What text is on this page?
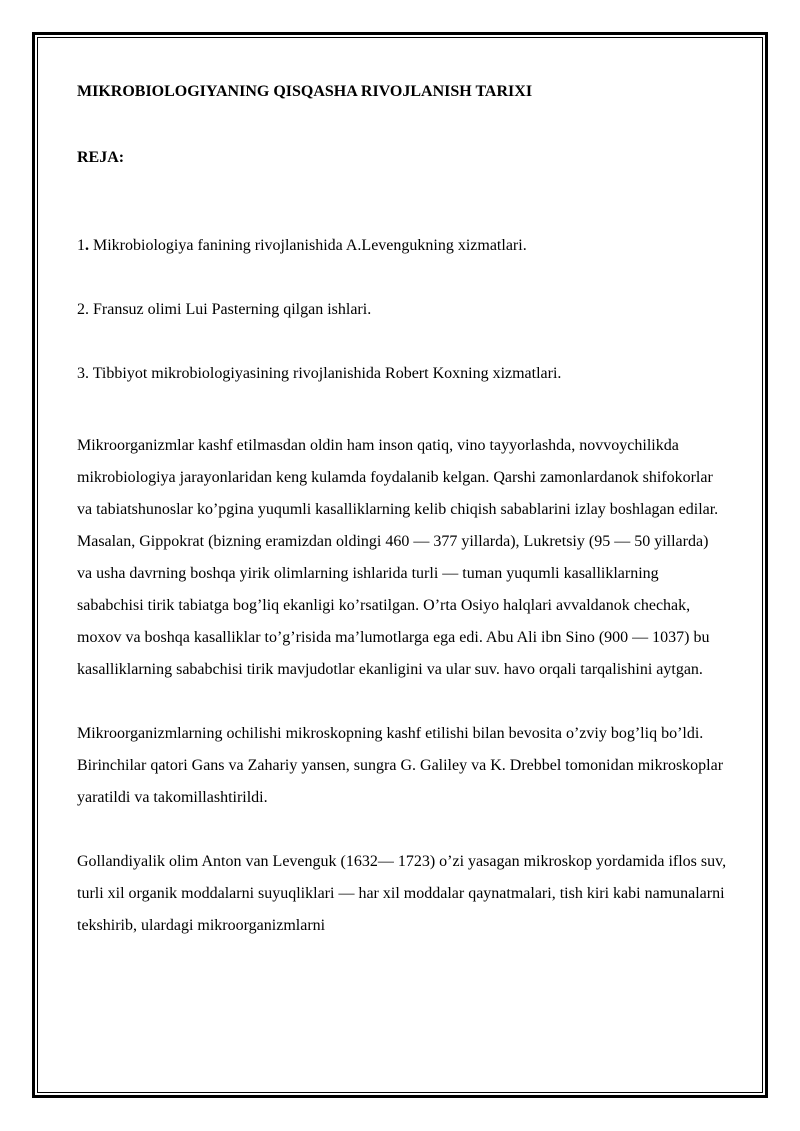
MIKROBIOLOGIYANING QISQASHA RIVOJLANISH TARIXI

REJA:

1. Mikrobiologiya fanining rivojlanishida A.Levengukning xizmatlari.
2. Fransuz olimi Lui Pasterning qilgan ishlari.
3. Tibbiyot mikrobiologiyasining rivojlanishida Robert Koxning xizmatlari.

Mikroorganizmlar kashf etilmasdan oldin ham inson qatiq, vino tayyorlashda, novvoychilikda mikrobiologiya jarayonlaridan keng kulamda foydalanib kelgan. Qarshi zamonlardanok shifokorlar va tabiatshunoslar ko’pgina yuqumli kasalliklarning kelib chiqish sabablarini izlay boshlagan edilar. Masalan, Gippokrat (bizning eramizdan oldingi 460 — 377 yillarda), Lukretsiy (95 — 50 yillarda) va usha davrning boshqa yirik olimlarning ishlarida turli — tuman yuqumli kasalliklarning sababchisi tirik tabiatga bog’liq ekanligi ko’rsatilgan. O’rta Osiyo halqlari avvaldanok chechak, moxov va boshqa kasalliklar to’g’risida ma’lumotlarga ega edi. Abu Ali ibn Sino (900 — 1037) bu kasalliklarning sababchisi tirik mavjudotlar ekanligini va ular suv. havo orqali tarqalishini aytgan.

Mikroorganizmlarning ochilishi mikroskopning kashf etilishi bilan bevosita o’zviy bog’liq bo’ldi. Birinchilar qatori Gans va Zahariy yansen, sungra G. Galiley va K. Drebbel tomonidan mikroskoplar yaratildi va takomillashtirildi.

Gollandiyalik olim Anton van Levenguk (1632— 1723) o’zi yasagan mikroskop yordamida iflos suv, turli xil organik moddalarni suyuqliklari — har xil moddalar qaynatmalari, tish kiri kabi namunalarni tekshirib, ulardagi mikroorganizmlarni
